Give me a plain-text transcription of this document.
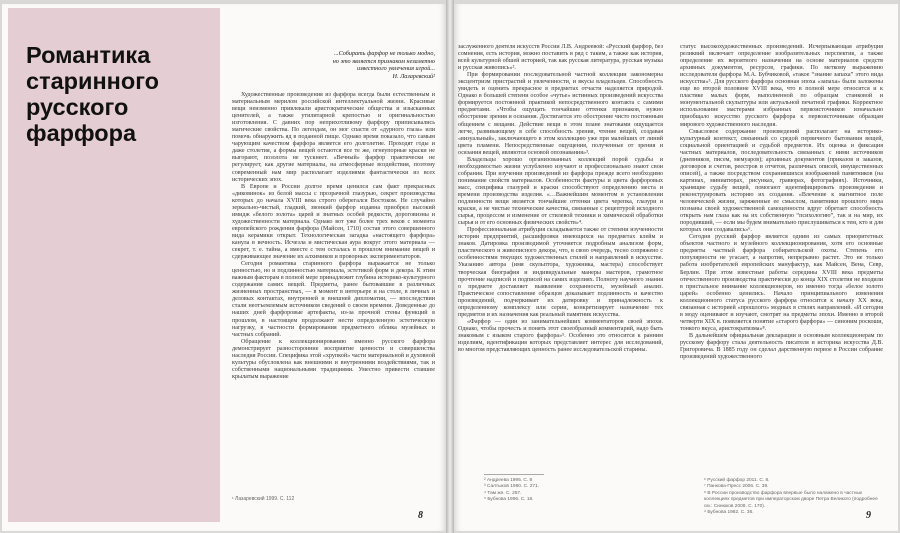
Романтика
старинного
русского
фарфора
...Собирать фарфор не только модно,
но это является признаком незаметно
известного увлечения игрой...
Н. Лазаревский²

Художественные произведения из фарфора всегда были естественным и материальным мерилом российской интеллектуальной жизни. Красивые вещи неизменно привлекали аристократические общества и изысканных ценителей, а также утилитарной крепостью и оригинальностью изготовления. С давних пор неприхотливому фарфору приписывались магические свойства. По легендам, он мог спасти от «дурного глаза» или помочь обнаружить яд в поданной пище. Однако время показало, что самым чарующим качеством фарфора является его долголетие. Проходят годы и даже столетия, а формы вещей остаются все те же, огнеупорные краски не выгорают, позолота не тускнеет. «Вечный» фарфор практически не регулирует, как другие материалы, на атмосферные воздействия, поэтому современный нам мир располагает изделиями фантастически из всех исторических эпох.

В Европе и России долгое время ценился сам факт прекрасных «диковинок» из белой массы с прозрачной глазурью, секрет производства которых до начала XVIII века строго оберегался Востоком. Не случайно зеркально-чистый, гладкий, звонкий фарфор издавна приобрел высокий имидж «белого золота» царей и знатных особей редкости, дороговизны и художественности материала. Однако вот уже более трех веков с момента европейского рождения фарфора (Майсен, 1710) состав этого совершенного вида керамики открыт. Технологическая загадка «настоящего фарфора» канула в вечность. Исчезла и мистическая аура вокруг этого материала — секрет, т. е. тайна, а вместе с тем осталась в прошлом внимание вещей и сдерживающее значение их алхимиков и проворных экспериментаторов.

Сегодня романтика старинного фарфора выражается не только ценностью, но и подлинностью материала, эстетикой форм и декора. К этим важным факторам в полной мере принадлежит глубина историко-культурного содержания самих вещей. Предметы, ранее бытовавшие в различных жизненных пространствах, — в момент в интерьере и на столе, в личных и деловых контактах, внутренней и внешней дипломатии, — впоследствии стали неотъемлемым источником сведений о своем времени. Доведенные до наших дней фарфоровые артефакты, из-за прочной стены функций в прошлом, в настоящем продолжают нести определенную эстетическую нагрузку, в частности формирования предметного облика музейных и частных собраний.

Обращение к коллекционированию именно русского фарфора демонстрирует разносторонние восприятие ценности и совершенства наследия России. Специфика этой «хрупкой» части материальной и духовной культуры обусловлена как внешними и внутренними воздействиями, так и собственными национальными традициями. Уместно привести ставшее крылатым выражение

¹ Лазаревский 1999. С. 112

заслуженного деятеля искусств России Л.В. Андреевой: «Русский фарфор, без сомнения, есть история, можно поставить в ряд с таким, а также как история, всей культурной обшей историей, так как русская литература, русская музыка и русская живопись»².

При формировании последовательной частной коллекции закономерна эксцентризм пристрастий и увлеченности, и вкусы владельцев. Способность увидеть и оценить прекрасное в предметах отчасти наделяется природой. Однако в большей степени особое «чутье» истинных произведений искусства формируется постоянной практикой непосредственного контакта с самими предметами. «Чтобы ощущать тончайшие оттенки признаков, нужно обострение зрения и осязания. Достигается это обострение чисто постоянным общением с вещами. Действие вещи в этом плане знатоками ощущается легче, развивающему в себе способность зрения, чтение вещей, создавая «визуальный», заключающего в этом коллекцию уже при малейших от линий цвета пламени. Непосредственные ощущения, полученные от зрения и осязания вещей, являются основой опознавания»³.

Владельцы хорошо организованных коллекций порой судьбы и необходимостью жизни углубленно изучают и профессионально знают свои собрания. При изучении произведений из фарфора прежде всего необходимо понимание свойств материалов. Особенности фактуры и цвета фарфоровых масс, специфика глазурей и краски способствуют определению места и времени производства изделия. «…Важнейшим моментом в установлении подлинности вещи является тончайшие оттенки цвета черепка, глазури и краски, а не чистые технические качества, связанные с рецептурой исходного сырья, процессом и изменение от стилевой техники и химической обработки сырья и от его основных физических свойств»⁴.

Профессиональная атрибуция складывается также от степени изученности истории предприятий, расшифровки имеющихся на предметах клейм и знаков. Датировка производимой уточняется подробным анализом форм, пластического и живописного декора, что, в свою очередь, тесно сопряжено с особенностями текущих художественных стилей и направлений в искусстве. Указанию автора (имя скульптора, художника, мастера) способствует творческая биография и индивидуальные манеры мастеров, грамотное прочтение надписей и подписей на самих изделиях. Полноту научного знания о предмете доставляет выявление сохранности, музейный анализ. Практическое сопоставление образцов доказывает подлинность и качество произведений, подчеркивает их датировку и принадлежность к определенному комплексу или серии, конкретизирует назначение тех предметов и их назначения как реальный памятник искусства.

«Фарфор — один из занимательнейших комментаторов своей эпохи. Однако, чтобы прочесть и понять этот своеобразный комментарий, надо быть знакомым с языком старого фарфора»⁵. Особенно это относится к ранним изделиям, идентификация которых представляет интерес для исследований, во многом представляющих ценность ранее исследовательской старины.

² Андреева 1995. С. 8
³ Салтыков 1960. С. 271.
⁴ Там же. С. 257.
⁵ Бубнова 1996. С. 18.

статус высокохудожественных произведений. Исчерпывающая атрибуция реликвий включает определение изобразительных перспектив, а также определение их вероятного назначения на основе материалов средств архивных документов, ресурсов, графики. По меткому выражению исследователя фарфора М.А. Бубчиковой, «такое “знание запаха” этого вида искусства»⁵. Для русского фарфора основная эпоха «запаха» были заложены еще во второй половине XVIII века, что в полной мере относится и к пластике малых форм, выполненной по образцам станковой и монументальной скульптуры или актуальной печатной графики. Корректное использование мастерами избранных первоисточников изначально приобщало искусство русского фарфора к первоисточникам образцам мирового художественного наследия.

Смысловое содержание произведений располагает на историко-культурный контекст, связанный со средой первичного бытования вещей, социальной ориентацией и судьбой предметов. Их оценка и фиксация частных материалов, последовательность связанных с ними источников (дневников, писем, мемуаров); архивных документов (приказов и заказов, договоров и счетов, реестров и отчетов, различных описей, имущественных описей), а также посредством сохранившихся изображений памятников (на картинах, миниатюрах, рисунках, гравюрах, фотографиях). Источники, хранящие судьбу вещей, помогают идентифицировать произведения и реконструировать историю их создания. «Влечение к магнитное поле человеческой жизни, заряженные ее смыслом, памятники прошлого мира познаны своей художественной самоценности вдруг обретает способность открыть нам глаза как на их собственную “психологию”, так и на мир, их породивший, — если мы будем внимательно прислушиваться к тем, кто и для которых они создавались»⁶.

Сегодня русский фарфор является одним из самых приоритетных объектов частного и музейного коллекционирования, хотя его основные предметы частный фарфора собирательской охоты. Степень его популярности не угасает, а напротив, непрерывно растет. Это не только работа изобретателей европейских мануфактур, как Майсен, Вена, Севр, Берлин. При этом известные работы середины XVIII века предметы отечественного производства практически до конца XIX столетия не входили в пристальное внимание коллекционеров, но именно тогда «белое золото царей» особенно ценились. Начало принципиального изменения коллекционного статуса русского фарфора относится к началу XX века, связанная с историей «прошлого» модных в стилях направлений. «И сегодня в моду оценивают и изучают, смотрят на предметы эпохи. Именно в второй четверти XIX в. появляется понятие «старого фарфора» — синоним роскоши, тонкого вкуса, аристократизма»⁸.

В дальнейшем официальная декларации и основным коллекционерам по русскому фарфору стала деятельность писателя и историка искусства Д.В. Григоровича. В 1885 году он сделал дарственную первое в России собрание произведений художественного

⁶ Русский фарфор 2011. С. 8.
⁷ Панкова-Пресс 2006. С. 39.
⁸ В России производство фарфора впервые было налажено в частных коллекциях предметов при императорском дворе Петра Великого (подробнее см.: Синюков 2008. С. 170).
⁹ Бубнова 1982. С. 36.
8	9
